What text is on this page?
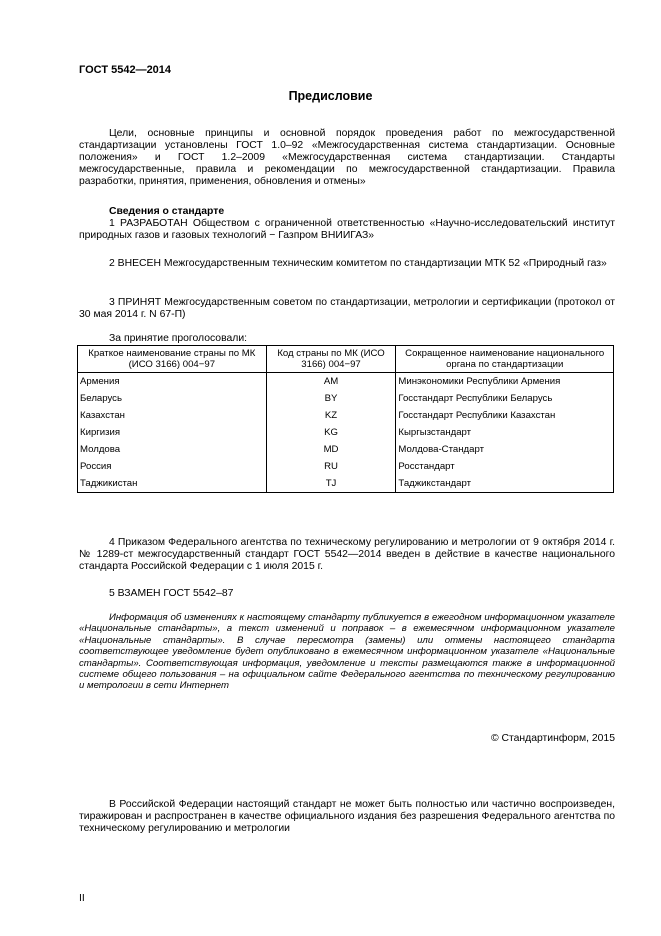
ГОСТ 5542—2014
Предисловие
Цели, основные принципы и основной порядок проведения работ по межгосударственной стандартизации установлены ГОСТ 1.0–92 «Межгосударственная система стандартизации. Основные положения» и ГОСТ 1.2–2009 «Межгосударственная система стандартизации. Стандарты межгосударственные, правила и рекомендации по межгосударственной стандартизации. Правила разработки, принятия, применения, обновления и отмены»
Сведения о стандарте
1 РАЗРАБОТАН Обществом с ограниченной ответственностью «Научно-исследовательский институт природных газов и газовых технологий − Газпром ВНИИГАЗ»
2 ВНЕСЕН Межгосударственным техническим комитетом по стандартизации МТК 52 «Природный газ»
3 ПРИНЯТ Межгосударственным советом по стандартизации, метрологии и сертификации (протокол от 30 мая 2014 г. N 67-П)
За принятие проголосовали:
Краткое наименование страны по МК (ИСО 3166) 004−97	Код страны по МК (ИСО 3166) 004−97	Сокращенное наименование национального органа по стандартизации
Армения	AM	Минэкономики Республики Армения
Беларусь	BY	Госстандарт Республики Беларусь
Казахстан	KZ	Госстандарт Республики Казахстан
Киргизия	KG	Кыргызстандарт
Молдова	MD	Молдова-Стандарт
Россия	RU	Росстандарт
Таджикистан	TJ	Таджикстандарт
4 Приказом Федерального агентства по техническому регулированию и метрологии от 9 октября 2014 г. № 1289-ст межгосударственный стандарт ГОСТ 5542—2014 введен в действие в качестве национального стандарта Российской Федерации с 1 июля 2015 г.
5 ВЗАМЕН ГОСТ 5542–87
Информация об изменениях к настоящему стандарту публикуется в ежегодном информационном указателе «Национальные стандарты», а текст изменений и поправок – в ежемесячном информационном указателе «Национальные стандарты». В случае пересмотра (замены) или отмены настоящего стандарта соответствующее уведомление будет опубликовано в ежемесячном информационном указателе «Национальные стандарты». Соответствующая информация, уведомление и тексты размещаются также в информационной системе общего пользования – на официальном сайте Федерального агентства по техническому регулированию и метрологии в сети Интернет
© Стандартинформ, 2015
В Российской Федерации настоящий стандарт не может быть полностью или частично воспроизведен, тиражирован и распространен в качестве официального издания без разрешения Федерального агентства по техническому регулированию и метрологии
II
